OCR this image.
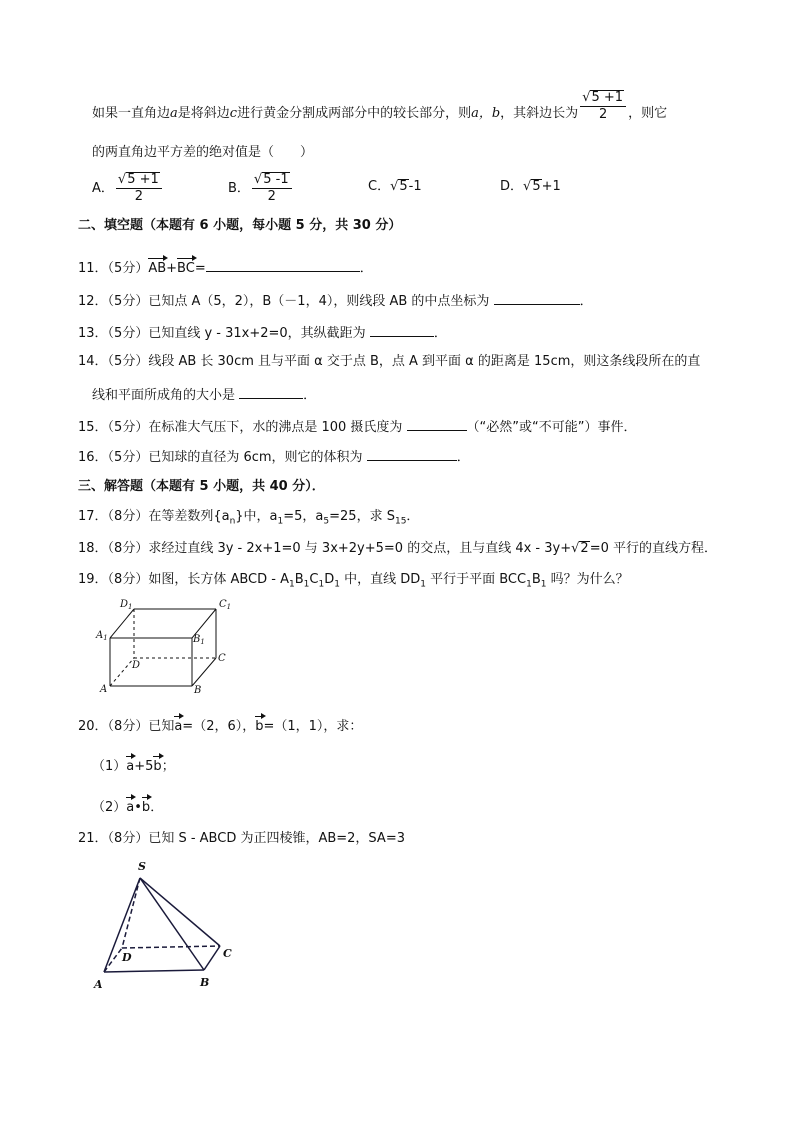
如果一直角边a是将斜边c进行黄金分割成两部分中的较长部分，则a，b，其斜边长为 $\frac{√5 +1}{2}$ ，则它
的两直角边平方差的绝对值是（　　）
A． $\frac{√5 +1}{2}$	B． $\frac{√5 -1}{2}$	C．√5-1	D．√5+1
二、填空题（本题有 6 小题，每小题 5 分，共 30 分）
11．（5分）AB+BC=	．
12．（5分）已知点 A（5，2），B（－1，4），则线段 AB 的中点坐标为	．
13．（5分）已知直线 y - 31x+2=0，其纵截距为	．
14．（5分）线段 AB 长 30cm 且与平面 α 交于点 B，点 A 到平面 α 的距离是 15cm，则这条线段所在的直
线和平面所成角的大小是	．
15．（5分）在标准大气压下，水的沸点是 100 摄氏度为	（“必然”或“不可能”）事件．
16．（5分）已知球的直径为 6cm，则它的体积为	．
三、解答题（本题有 5 小题，共 40 分）．
17．（8分）在等差数列$\{a_n\}$中，$a_1=5$，$a_5=25$，求 $S_{15}$．
18．（8分）求经过直线 3y - 2x+1=0 与 3x+2y+5=0 的交点，且与直线 4x - 3y+√2=0 平行的直线方程．
19．（8分）如图，长方体 ABCD - $A_1B_1C_1D_1$ 中，直线 $DD_1$ 平行于平面 $BCC_1B_1$ 吗？为什么？
$D_1$	$C_1$
$A_1$	$B_1$
D
C
A	B
20．（8分）已知a=（2，6），b=（1，1），求：
（1）a+5b；
（2）a•b．
21．（8分）已知 S - ABCD 为正四棱锥，AB=2，SA=3
S
D	C
A	B
